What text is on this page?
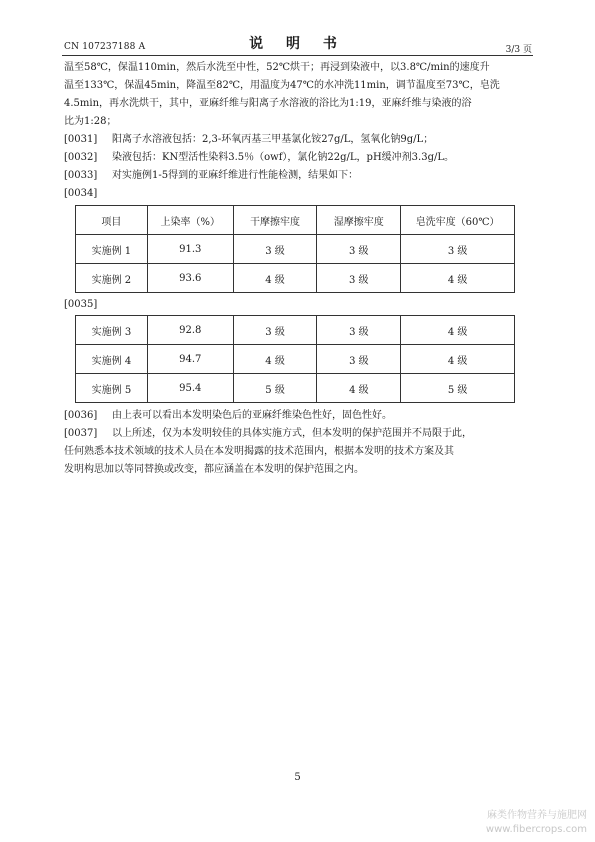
CN 107237188 A	说 明 书	3/3 页
温至58℃，保温110min，然后水洗至中性，52℃烘干；再浸到染液中，以3.8℃/min的速度升
温至133℃，保温45min，降温至82℃，用温度为47℃的水冲洗11min，调节温度至73℃，皂洗
4.5min，再水洗烘干，其中，亚麻纤维与阳离子水溶液的浴比为1:19，亚麻纤维与染液的浴
比为1:28；
[0031] 阳离子水溶液包括：2,3-环氧丙基三甲基氯化铵27g/L，氢氧化钠9g/L；
[0032] 染液包括：KN型活性染料3.5％（owf），氯化钠22g/L，pH缓冲剂3.3g/L。
[0033] 对实施例1-5得到的亚麻纤维进行性能检测，结果如下：
[0034]
项目	上染率（%）	干摩擦牢度	湿摩擦牢度	皂洗牢度（60℃）
实施例 1	91.3	3 级	3 级	3 级
实施例 2	93.6	4 级	3 级	4 级
[0035]
实施例 3	92.8	3 级	3 级	4 级
实施例 4	94.7	4 级	3 级	4 级
实施例 5	95.4	5 级	4 级	5 级
[0036] 由上表可以看出本发明染色后的亚麻纤维染色性好，固色性好。
[0037] 以上所述，仅为本发明较佳的具体实施方式，但本发明的保护范围并不局限于此，
任何熟悉本技术领域的技术人员在本发明揭露的技术范围内，根据本发明的技术方案及其
发明构思加以等同替换或改变，都应涵盖在本发明的保护范围之内。
5
麻类作物营养与施肥网
www.fibercrops.com
